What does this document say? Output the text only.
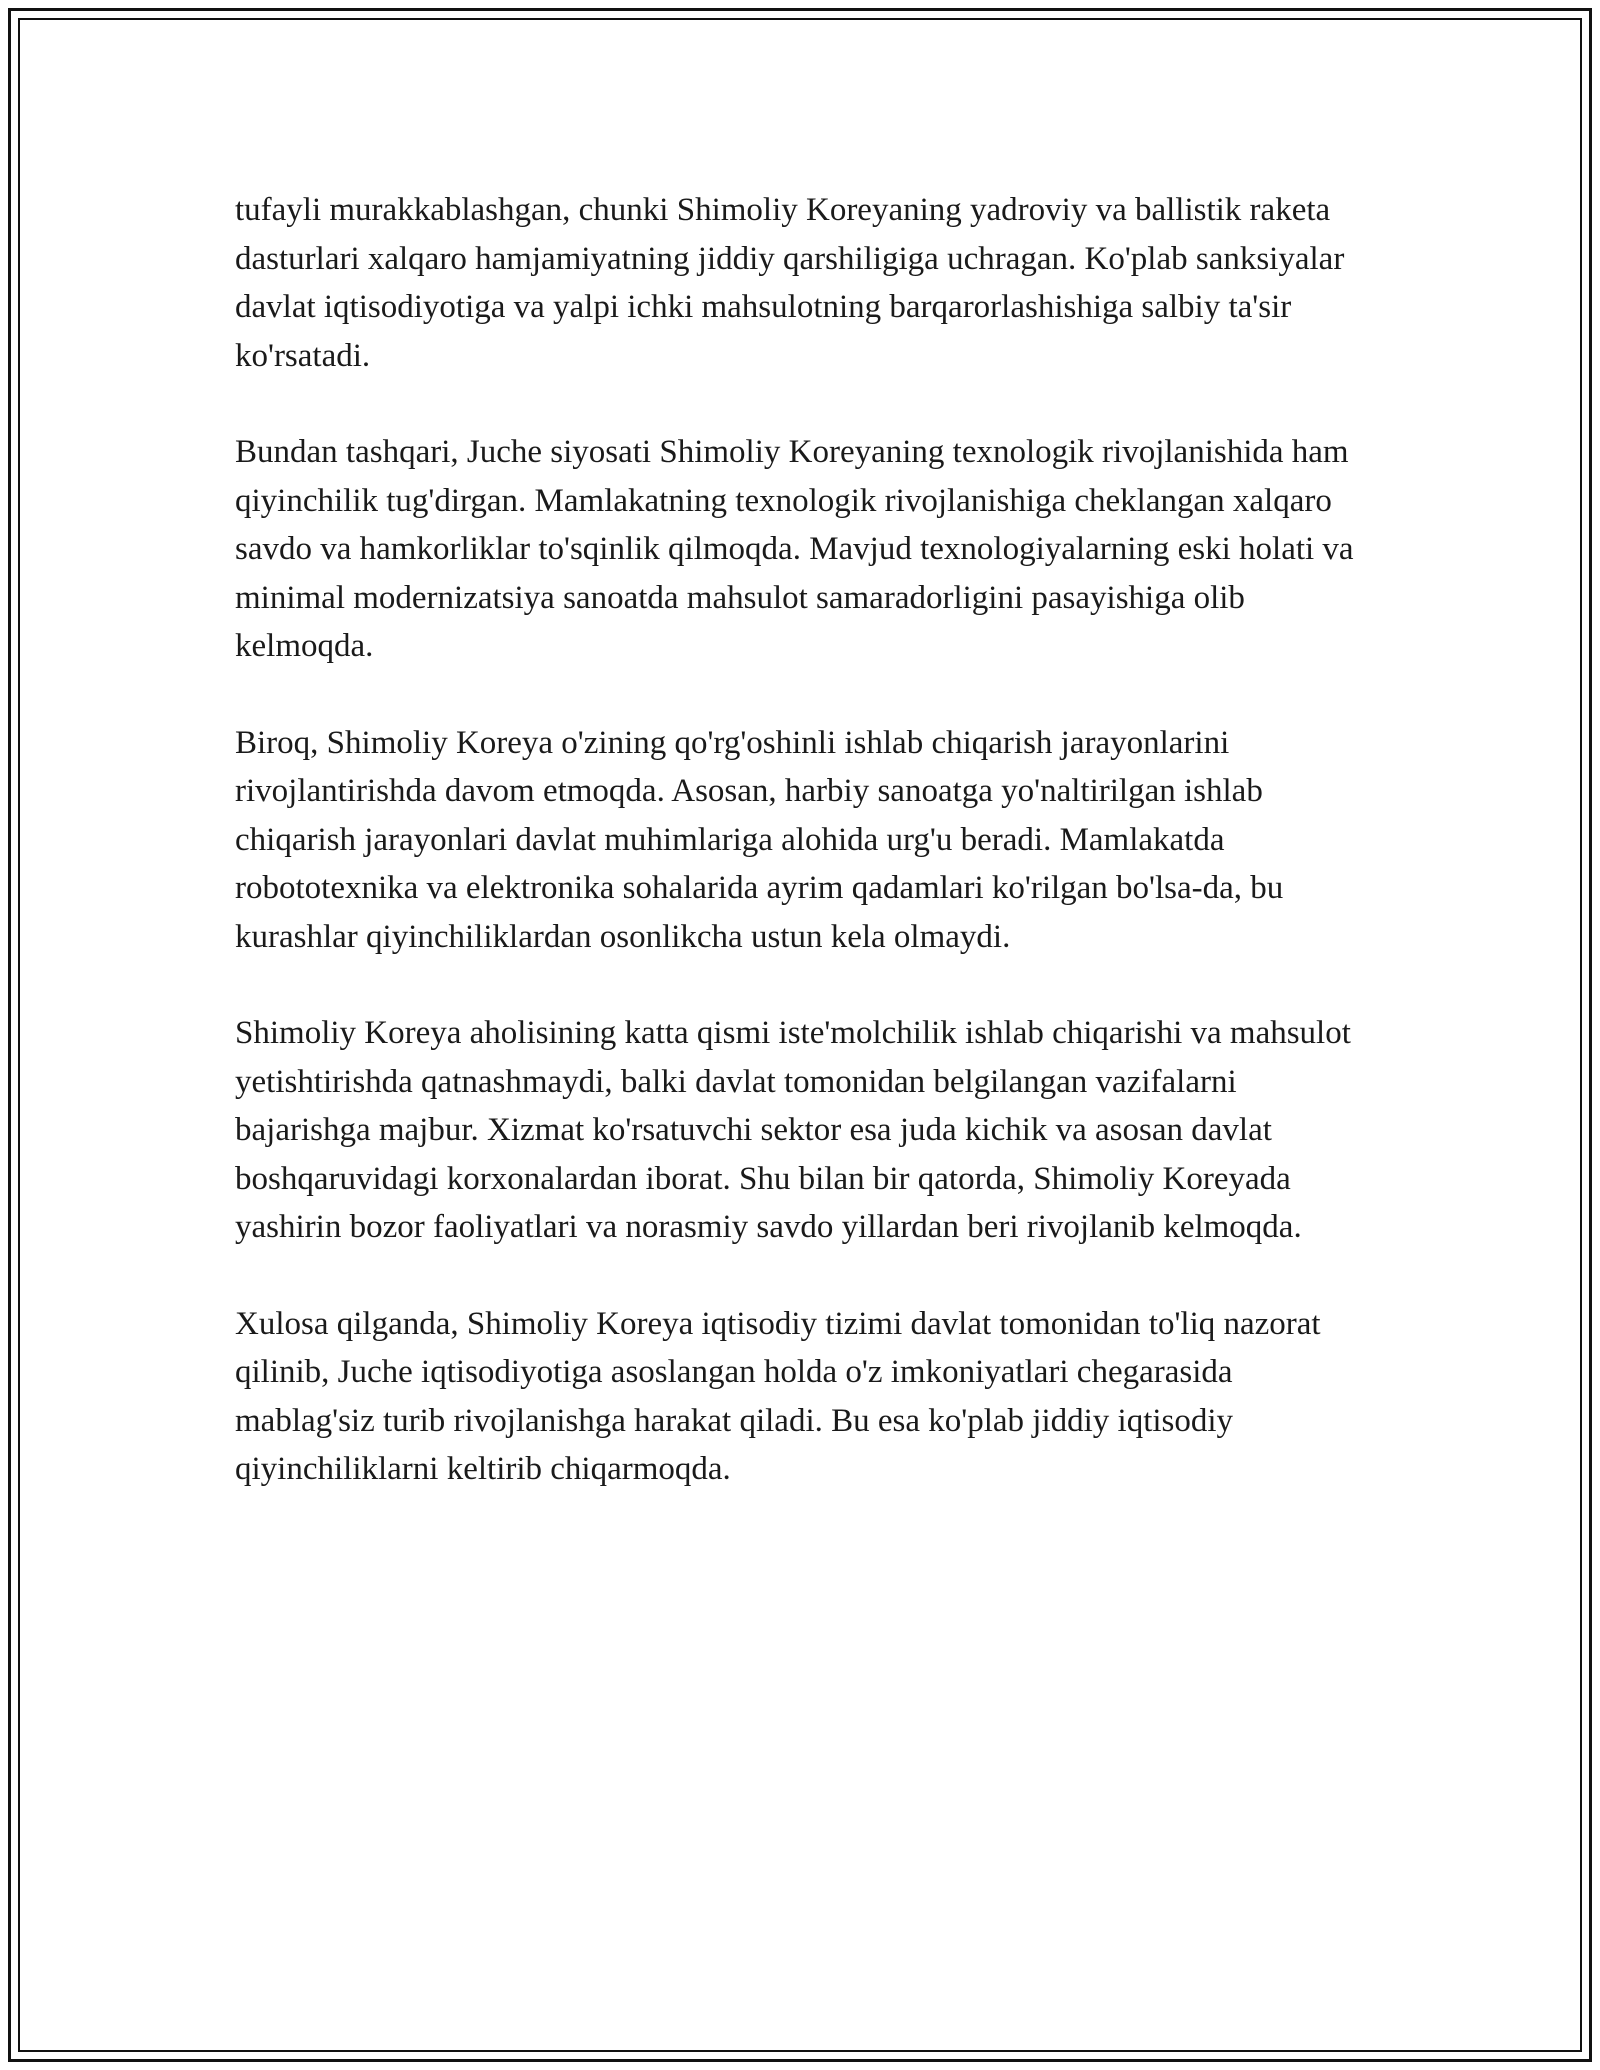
tufayli murakkablashgan, chunki Shimoliy Koreyaning yadroviy va ballistik raketa dasturlari xalqaro hamjamiyatning jiddiy qarshiligiga uchragan. Ko'plab sanksiyalar davlat iqtisodiyotiga va yalpi ichki mahsulotning barqarorlashishiga salbiy ta'sir ko'rsatadi.

Bundan tashqari, Juche siyosati Shimoliy Koreyaning texnologik rivojlanishida ham qiyinchilik tug'dirgan. Mamlakatning texnologik rivojlanishiga cheklangan xalqaro savdo va hamkorliklar to'sqinlik qilmoqda. Mavjud texnologiyalarning eski holati va minimal modernizatsiya sanoatda mahsulot samaradorligini pasayishiga olib kelmoqda.

Biroq, Shimoliy Koreya o'zining qo'rg'oshinli ishlab chiqarish jarayonlarini rivojlantirishda davom etmoqda. Asosan, harbiy sanoatga yo'naltirilgan ishlab chiqarish jarayonlari davlat muhimlariga alohida urg'u beradi. Mamlakatda robototexnika va elektronika sohalarida ayrim qadamlari ko'rilgan bo'lsa-da, bu kurashlar qiyinchiliklardan osonlikcha ustun kela olmaydi.

Shimoliy Koreya aholisining katta qismi iste'molchilik ishlab chiqarishi va mahsulot yetishtirishda qatnashmaydi, balki davlat tomonidan belgilangan vazifalarni bajarishga majbur. Xizmat ko'rsatuvchi sektor esa juda kichik va asosan davlat boshqaruvidagi korxonalardan iborat. Shu bilan bir qatorda, Shimoliy Koreyada yashirin bozor faoliyatlari va norasmiy savdo yillardan beri rivojlanib kelmoqda.

Xulosa qilganda, Shimoliy Koreya iqtisodiy tizimi davlat tomonidan to'liq nazorat qilinib, Juche iqtisodiyotiga asoslangan holda o'z imkoniyatlari chegarasida mablag'siz turib rivojlanishga harakat qiladi. Bu esa ko'plab jiddiy iqtisodiy qiyinchiliklarni keltirib chiqarmoqda.
